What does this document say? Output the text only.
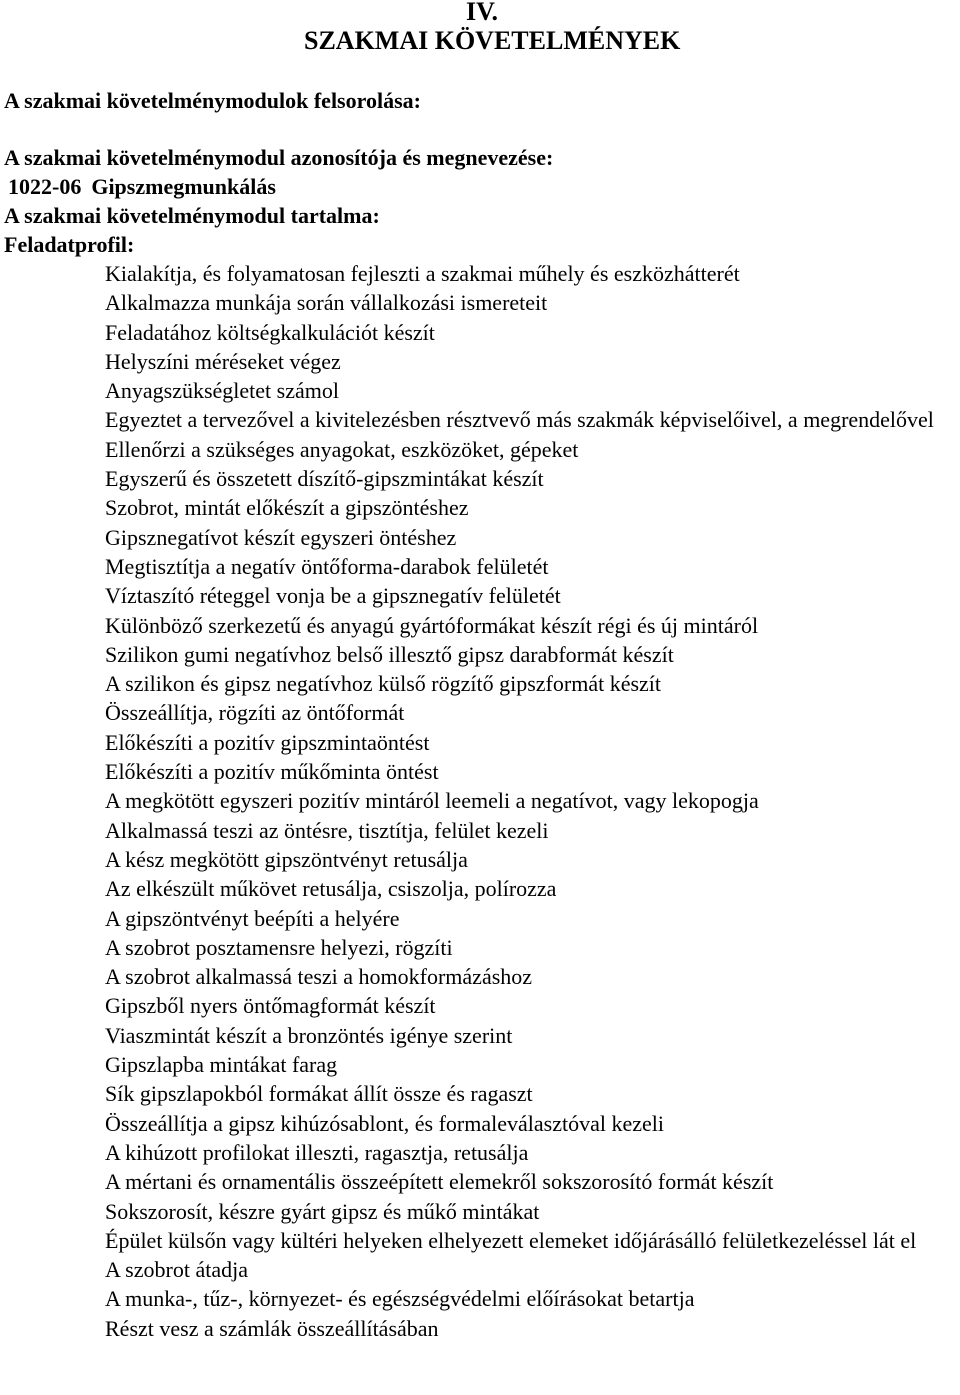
IV.
SZAKMAI KÖVETELMÉNYEK
A szakmai követelménymodulok felsorolása:
A szakmai követelménymodul azonosítója és megnevezése:
1022-06 Gipszmegmunkálás
A szakmai követelménymodul tartalma:
Feladatprofil:
Kialakítja, és folyamatosan fejleszti a szakmai műhely és eszközhátterét
Alkalmazza munkája során vállalkozási ismereteit
Feladatához költségkalkulációt készít
Helyszíni méréseket végez
Anyagszükségletet számol
Egyeztet a tervezővel a kivitelezésben résztvevő más szakmák képviselőivel, a megrendelővel
Ellenőrzi a szükséges anyagokat, eszközöket, gépeket
Egyszerű és összetett díszítő-gipszmintákat készít
Szobrot, mintát előkészít a gipszöntéshez
Gipsznegatívot készít egyszeri öntéshez
Megtisztítja a negatív öntőforma-darabok felületét
Víztaszító réteggel vonja be a gipsznegatív felületét
Különböző szerkezetű és anyagú gyártóformákat készít régi és új mintáról
Szilikon gumi negatívhoz belső illesztő gipsz darabformát készít
A szilikon és gipsz negatívhoz külső rögzítő gipszformát készít
Összeállítja, rögzíti az öntőformát
Előkészíti a pozitív gipszmintaöntést
Előkészíti a pozitív műkőminta öntést
A megkötött egyszeri pozitív mintáról leemeli a negatívot, vagy lekopogja
Alkalmassá teszi az öntésre, tisztítja, felület kezeli
A kész megkötött gipszöntvényt retusálja
Az elkészült műkövet retusálja, csiszolja, polírozza
A gipszöntvényt beépíti a helyére
A szobrot posztamensre helyezi, rögzíti
A szobrot alkalmassá teszi a homokformázáshoz
Gipszből nyers öntőmagformát készít
Viaszmintát készít a bronzöntés igénye szerint
Gipszlapba mintákat farag
Sík gipszlapokból formákat állít össze és ragaszt
Összeállítja a gipsz kihúzósablont, és formaleválasztóval kezeli
A kihúzott profilokat illeszti, ragasztja, retusálja
A mértani és ornamentális összeépített elemekről sokszorosító formát készít
Sokszorosít, készre gyárt gipsz és műkő mintákat
Épület külsőn vagy kültéri helyeken elhelyezett elemeket időjárásálló felületkezeléssel lát el
A szobrot átadja
A munka-, tűz-, környezet- és egészségvédelmi előírásokat betartja
Részt vesz a számlák összeállításában
